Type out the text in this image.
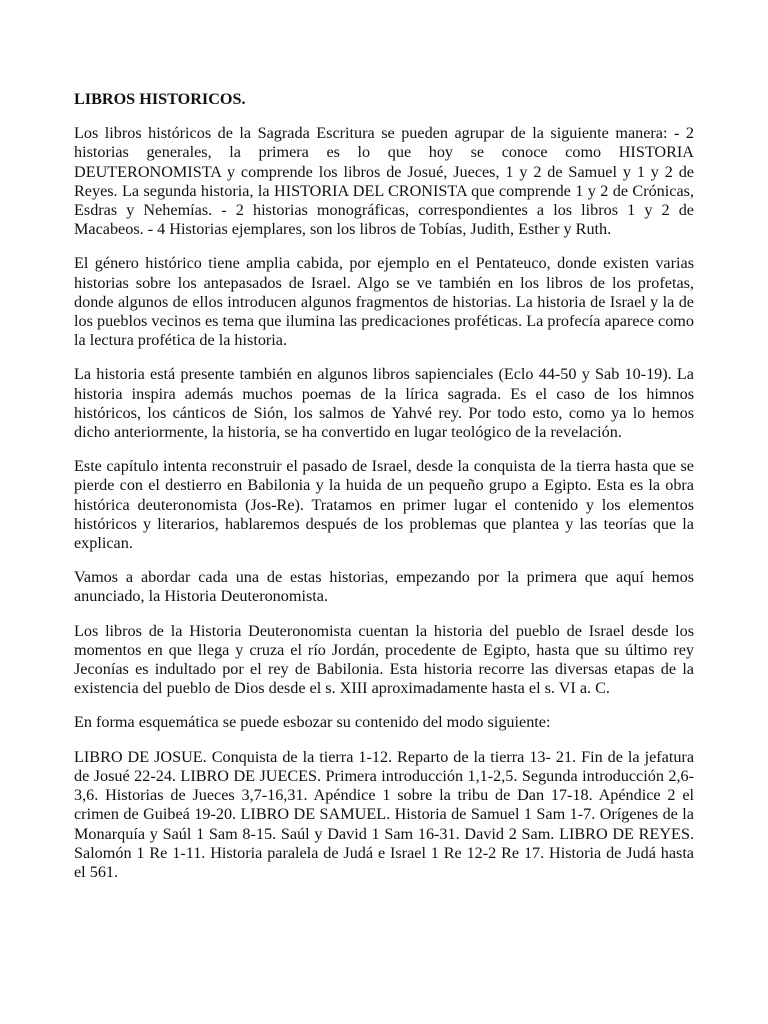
LIBROS HISTORICOS.

Los libros históricos de la Sagrada Escritura se pueden agrupar de la siguiente manera: - 2 historias generales, la primera es lo que hoy se conoce como HISTORIA DEUTERONOMISTA y comprende los libros de Josué, Jueces, 1 y 2 de Samuel y 1 y 2 de Reyes. La segunda historia, la HISTORIA DEL CRONISTA que comprende 1 y 2 de Crónicas, Esdras y Nehemías. - 2 historias monográficas, correspondientes a los libros 1 y 2 de Macabeos. - 4 Historias ejemplares, son los libros de Tobías, Judith, Esther y Ruth.

El género histórico tiene amplia cabida, por ejemplo en el Pentateuco, donde existen varias historias sobre los antepasados de Israel. Algo se ve también en los libros de los profetas, donde algunos de ellos introducen algunos fragmentos de historias. La historia de Israel y la de los pueblos vecinos es tema que ilumina las predicaciones proféticas. La profecía aparece como la lectura profética de la historia.

La historia está presente también en algunos libros sapienciales (Eclo 44-50 y Sab 10-19). La historia inspira además muchos poemas de la lírica sagrada. Es el caso de los himnos históricos, los cánticos de Sión, los salmos de Yahvé rey. Por todo esto, como ya lo hemos dicho anteriormente, la historia, se ha convertido en lugar teológico de la revelación.

Este capítulo intenta reconstruir el pasado de Israel, desde la conquista de la tierra hasta que se pierde con el destierro en Babilonia y la huida de un pequeño grupo a Egipto. Esta es la obra histórica deuteronomista (Jos-Re). Tratamos en primer lugar el contenido y los elementos históricos y literarios, hablaremos después de los problemas que plantea y las teorías que la explican.

Vamos a abordar cada una de estas historias, empezando por la primera que aquí hemos anunciado, la Historia Deuteronomista.

Los libros de la Historia Deuteronomista cuentan la historia del pueblo de Israel desde los momentos en que llega y cruza el río Jordán, procedente de Egipto, hasta que su último rey Jeconías es indultado por el rey de Babilonia. Esta historia recorre las diversas etapas de la existencia del pueblo de Dios desde el s. XIII aproximadamente hasta el s. VI a. C.

En forma esquemática se puede esbozar su contenido del modo siguiente:

LIBRO DE JOSUE. Conquista de la tierra 1-12. Reparto de la tierra 13- 21. Fin de la jefatura de Josué 22-24. LIBRO DE JUECES. Primera introducción 1,1-2,5. Segunda introducción 2,6- 3,6. Historias de Jueces 3,7-16,31. Apéndice 1 sobre la tribu de Dan 17-18. Apéndice 2 el crimen de Guibeá 19-20. LIBRO DE SAMUEL. Historia de Samuel 1 Sam 1-7. Orígenes de la Monarquía y Saúl 1 Sam 8-15. Saúl y David 1 Sam 16-31. David 2 Sam. LIBRO DE REYES. Salomón 1 Re 1-11. Historia paralela de Judá e Israel 1 Re 12-2 Re 17. Historia de Judá hasta el 561.
